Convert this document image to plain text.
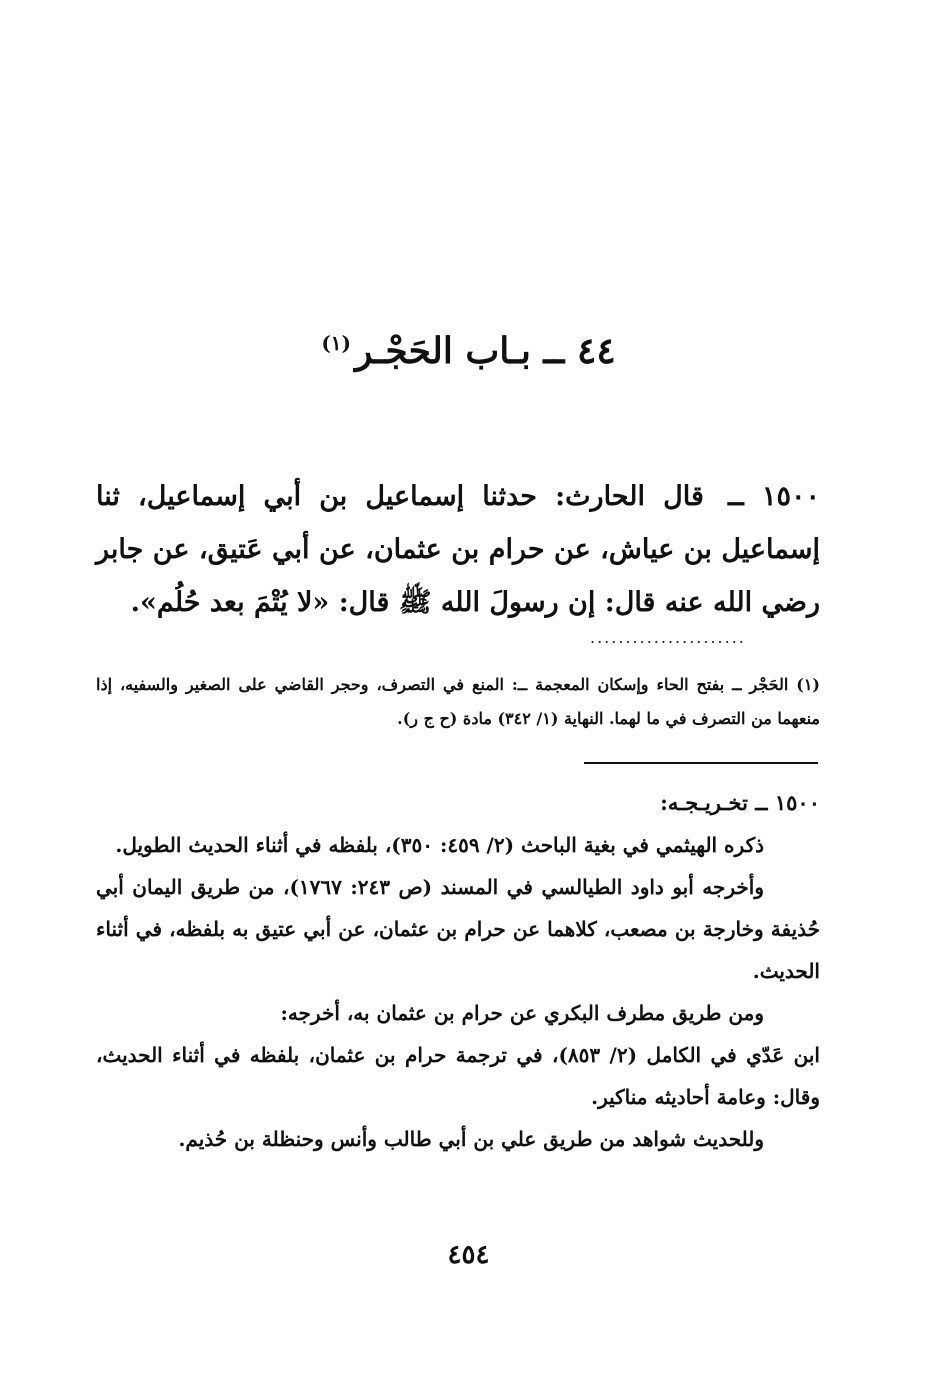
٤٤ ــ بـاب الحَجْـر$^{(١)}$
١٥٠٠ ــ قال الحارث: حدثنا إسماعيل بن أبي إسماعيل، ثنا إسماعيل بن عياش، عن حرام بن عثمان، عن أبي عَتيق، عن جابر رضي الله عنه قال: إن رسولَ الله ﷺ قال: «لا يُتْمَ بعد حُلُم».
......................
(١) الحَجْر ــ بفتح الحاء وإسكان المعجمة ــ: المنع في التصرف، وحجر القاضي على الصغير والسفيه، إذا منعهما من التصرف في ما لهما. النهاية (١/ ٣٤٢) مادة (ح ج ر).
١٥٠٠ ــ تخـريـجـه:

ذكره الهيثمي في بغية الباحث (٢/ ٤٥٩: ٣٥٠)، بلفظه في أثناء الحديث الطويل.

وأخرجه أبو داود الطيالسي في المسند (ص ٢٤٣: ١٧٦٧)، من طريق اليمان أبي حُذيفة وخارجة بن مصعب، كلاهما عن حرام بن عثمان، عن أبي عتيق به بلفظه، في أثناء الحديث.

ومن طريق مطرف البكري عن حرام بن عثمان به، أخرجه:

ابن عَدّي في الكامل (٢/ ٨٥٣)، في ترجمة حرام بن عثمان، بلفظه في أثناء الحديث، وقال: وعامة أحاديثه مناكير.

وللحديث شواهد من طريق علي بن أبي طالب وأنس وحنظلة بن حُذيم.

٤٥٤
